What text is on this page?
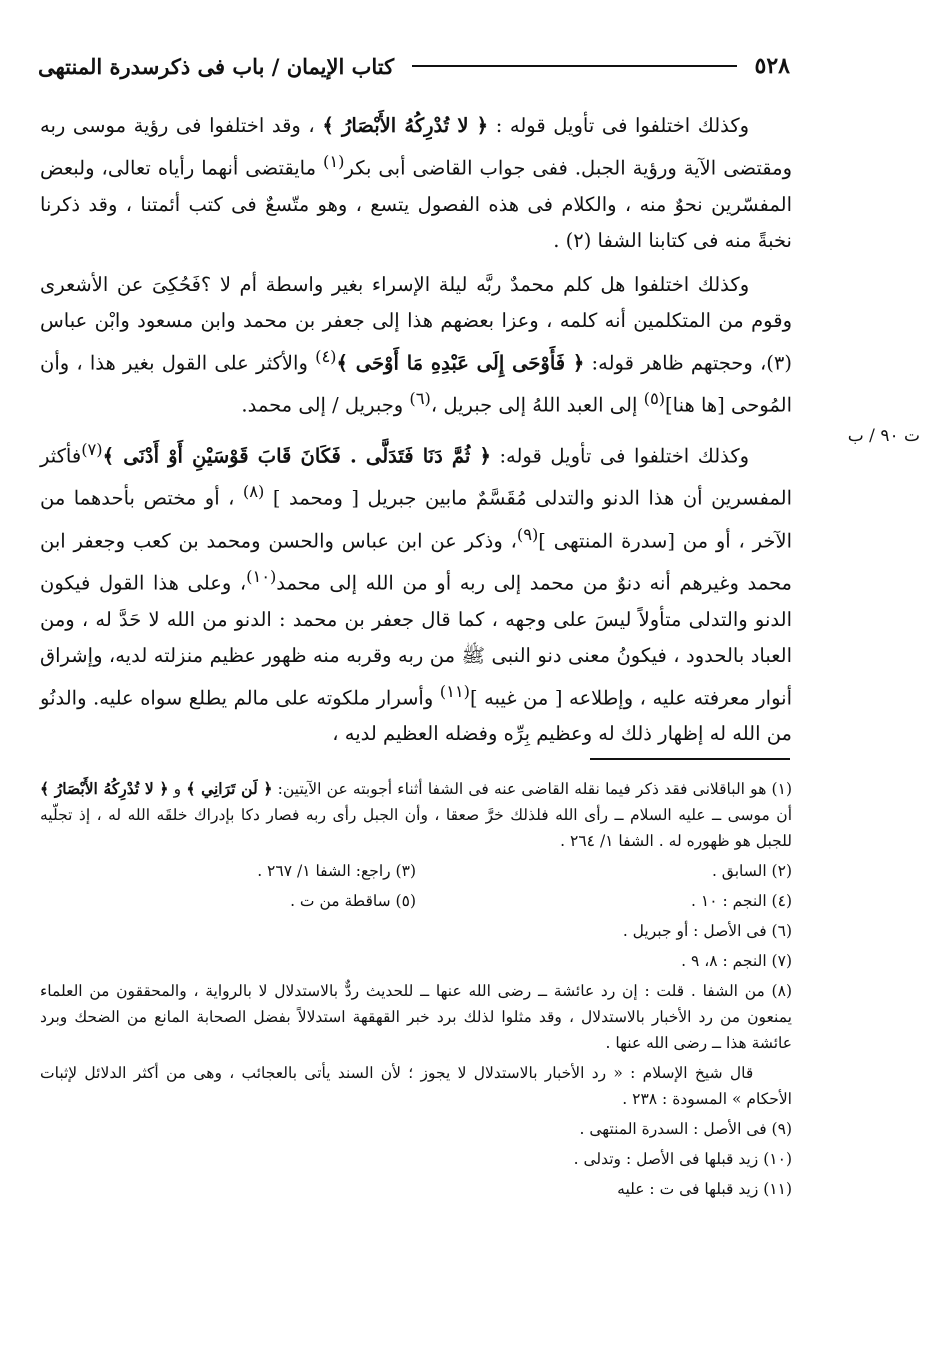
٥٢٨
كتاب الإيمان / باب فى ذكرسدرة المنتهى
ت ٩٠ / ب

وكذلك اختلفوا فى تأويل قوله : ﴿ لا تُدْرِكُهُ الأَبْصَارُ ﴾ ، وقد اختلفوا فى رؤية موسى ربه ومقتضى الآية ورؤية الجبل. ففى جواب القاضى أبى بكر$^{(١)}$ مايقتضى أنهما رأياه تعالى، ولبعض المفسّرين نحوٌ منه ، والكلام فى هذه الفصول يتسع ، وهو متّسعٌ فى كتب أئمتنا ، وقد ذكرنا نخبةً منه فى كتابنا الشفا (٢) .

وكذلك اختلفوا هل كلم محمدٌ ربَّه ليلة الإسراء بغير واسطة أم لا ؟فَحُكِىَ عن الأشعرى وقوم من المتكلمين أنه كلمه ، وعزا بعضهم هذا إلى جعفر بن محمد وابن مسعود وابْن عباس (٣)، وحجتهم ظاهر قوله: ﴿ فَأَوْحَى إِلَى عَبْدِهِ مَا أَوْحَى ﴾$^{(٤)}$ والأكثر على القول بغير هذا ، وأن المُوحى [ها هنا]$^{(٥)}$ إلى العبد اللهُ إلى جبريل ،$^{(٦)}$ وجبريل / إلى محمد.

وكذلك اختلفوا فى تأويل قوله: ﴿ ثُمَّ دَنَا فَتَدَلَّى . فَكَانَ قَابَ قَوْسَيْنِ أَوْ أَدْنَى ﴾$^{(٧)}$فأكثر المفسرين أن هذا الدنو والتدلى مُقَسَّمٌ مابين جبريل [ ومحمد ] $^{(٨)}$ ، أو مختص بأحدهما من الآخر ، أو من [سدرة المنتهى ]$^{(٩)}$، وذكر عن ابن عباس والحسن ومحمد بن كعب وجعفر ابن محمد وغيرهم أنه دنوٌ من محمد إلى ربه أو من الله إلى محمد$^{(١٠)}$، وعلى هذا القول فيكون الدنو والتدلى متأولاً ليسَ على وجهه ، كما قال جعفر بن محمد : الدنو من الله لا حَدَّ له ، ومن العباد بالحدود ، فيكونُ معنى دنو النبى ﷺ من ربه وقربه منه ظهور عظيم منزلته لديه، وإشراق أنوار معرفته عليه ، وإطلاعه [ من غيبه ]$^{(١١)}$ وأسرار ملكوته على مالم يطلع سواه عليه. والدنُو من الله له إظهار ذلك له وعظيم بِرِّه وفضله العظيم لديه ،

(١) هو الباقلانى فقد ذكر فيما نقله القاضى عنه فى الشفا أثناء أجوبته عن الآيتين: ﴿ لَن تَرَانِي ﴾ و ﴿ لا تُدْرِكُهُ الأَبْصَارُ ﴾ أن موسى ــ عليه السلام ــ رأى الله فلذلك خرَّ صعقا ، وأن الجبل رأى ربه فصار دكا بإدراك خلقَه الله له ، إذ تجلّيه للجبل هو ظهوره له . الشفا ١/ ٢٦٤ .
(٢) السابق .
(٣) راجع: الشفا ١/ ٢٦٧ .
(٤) النجم : ١٠ .
(٥) ساقطة من ت .
(٦) فى الأصل : أو جبريل .
(٧) النجم : ٨، ٩ .
(٨) من الشفا . قلت : إن رد عائشة ــ رضى الله عنها ــ للحديث ردٌّ بالاستدلال لا بالرواية ، والمحققون من العلماء يمنعون من رد الأخبار بالاستدلال ، وقد مثلوا لذلك برد خبر القهقهة استدلالاً بفضل الصحابة المانع من الضحك وبرد عائشة هذا ــ رضى الله عنها .
قال شيخ الإسلام : « رد الأخبار بالاستدلال لا يجوز ؛ لأن السند يأتى بالعجائب ، وهى من أكثر الدلائل لإثبات الأحكام » المسودة : ٢٣٨ .
(٩) فى الأصل : السدرة المنتهى .
(١٠) زيد قبلها فى الأصل : وتدلى .
(١١) زيد قبلها فى ت : عليه
